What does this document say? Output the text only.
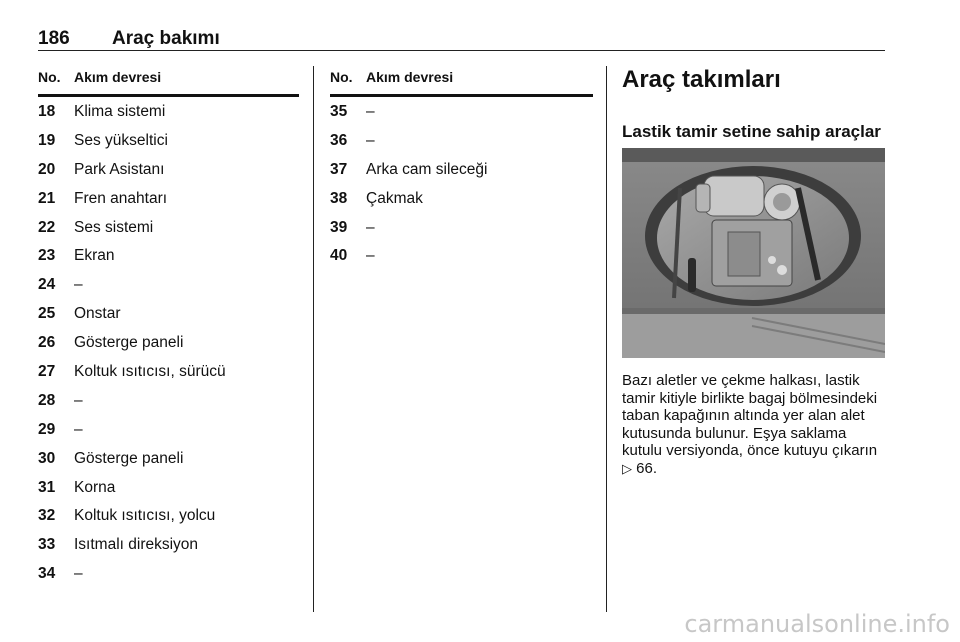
186 Araç bakımı
No. Akım devresi
18 Klima sistemi
19 Ses yükseltici
20 Park Asistanı
21 Fren anahtarı
22 Ses sistemi
23 Ekran
24 –
25 Onstar
26 Gösterge paneli
27 Koltuk ısıtıcısı, sürücü
28 –
29 –
30 Gösterge paneli
31 Korna
32 Koltuk ısıtıcısı, yolcu
33 Isıtmalı direksiyon
34 –
No. Akım devresi
35 –
36 –
37 Arka cam sileceği
38 Çakmak
39 –
40 –
Araç takımları
Lastik tamir setine sahip araçlar
Bazı aletler ve çekme halkası, lastik tamir kitiyle birlikte bagaj bölmesindeki taban kapağının altında yer alan alet kutusunda bulunur. Eşya saklama kutulu versiyonda, önce kutuyu çıkarın ▷ 66.
carmanualsonline.info
